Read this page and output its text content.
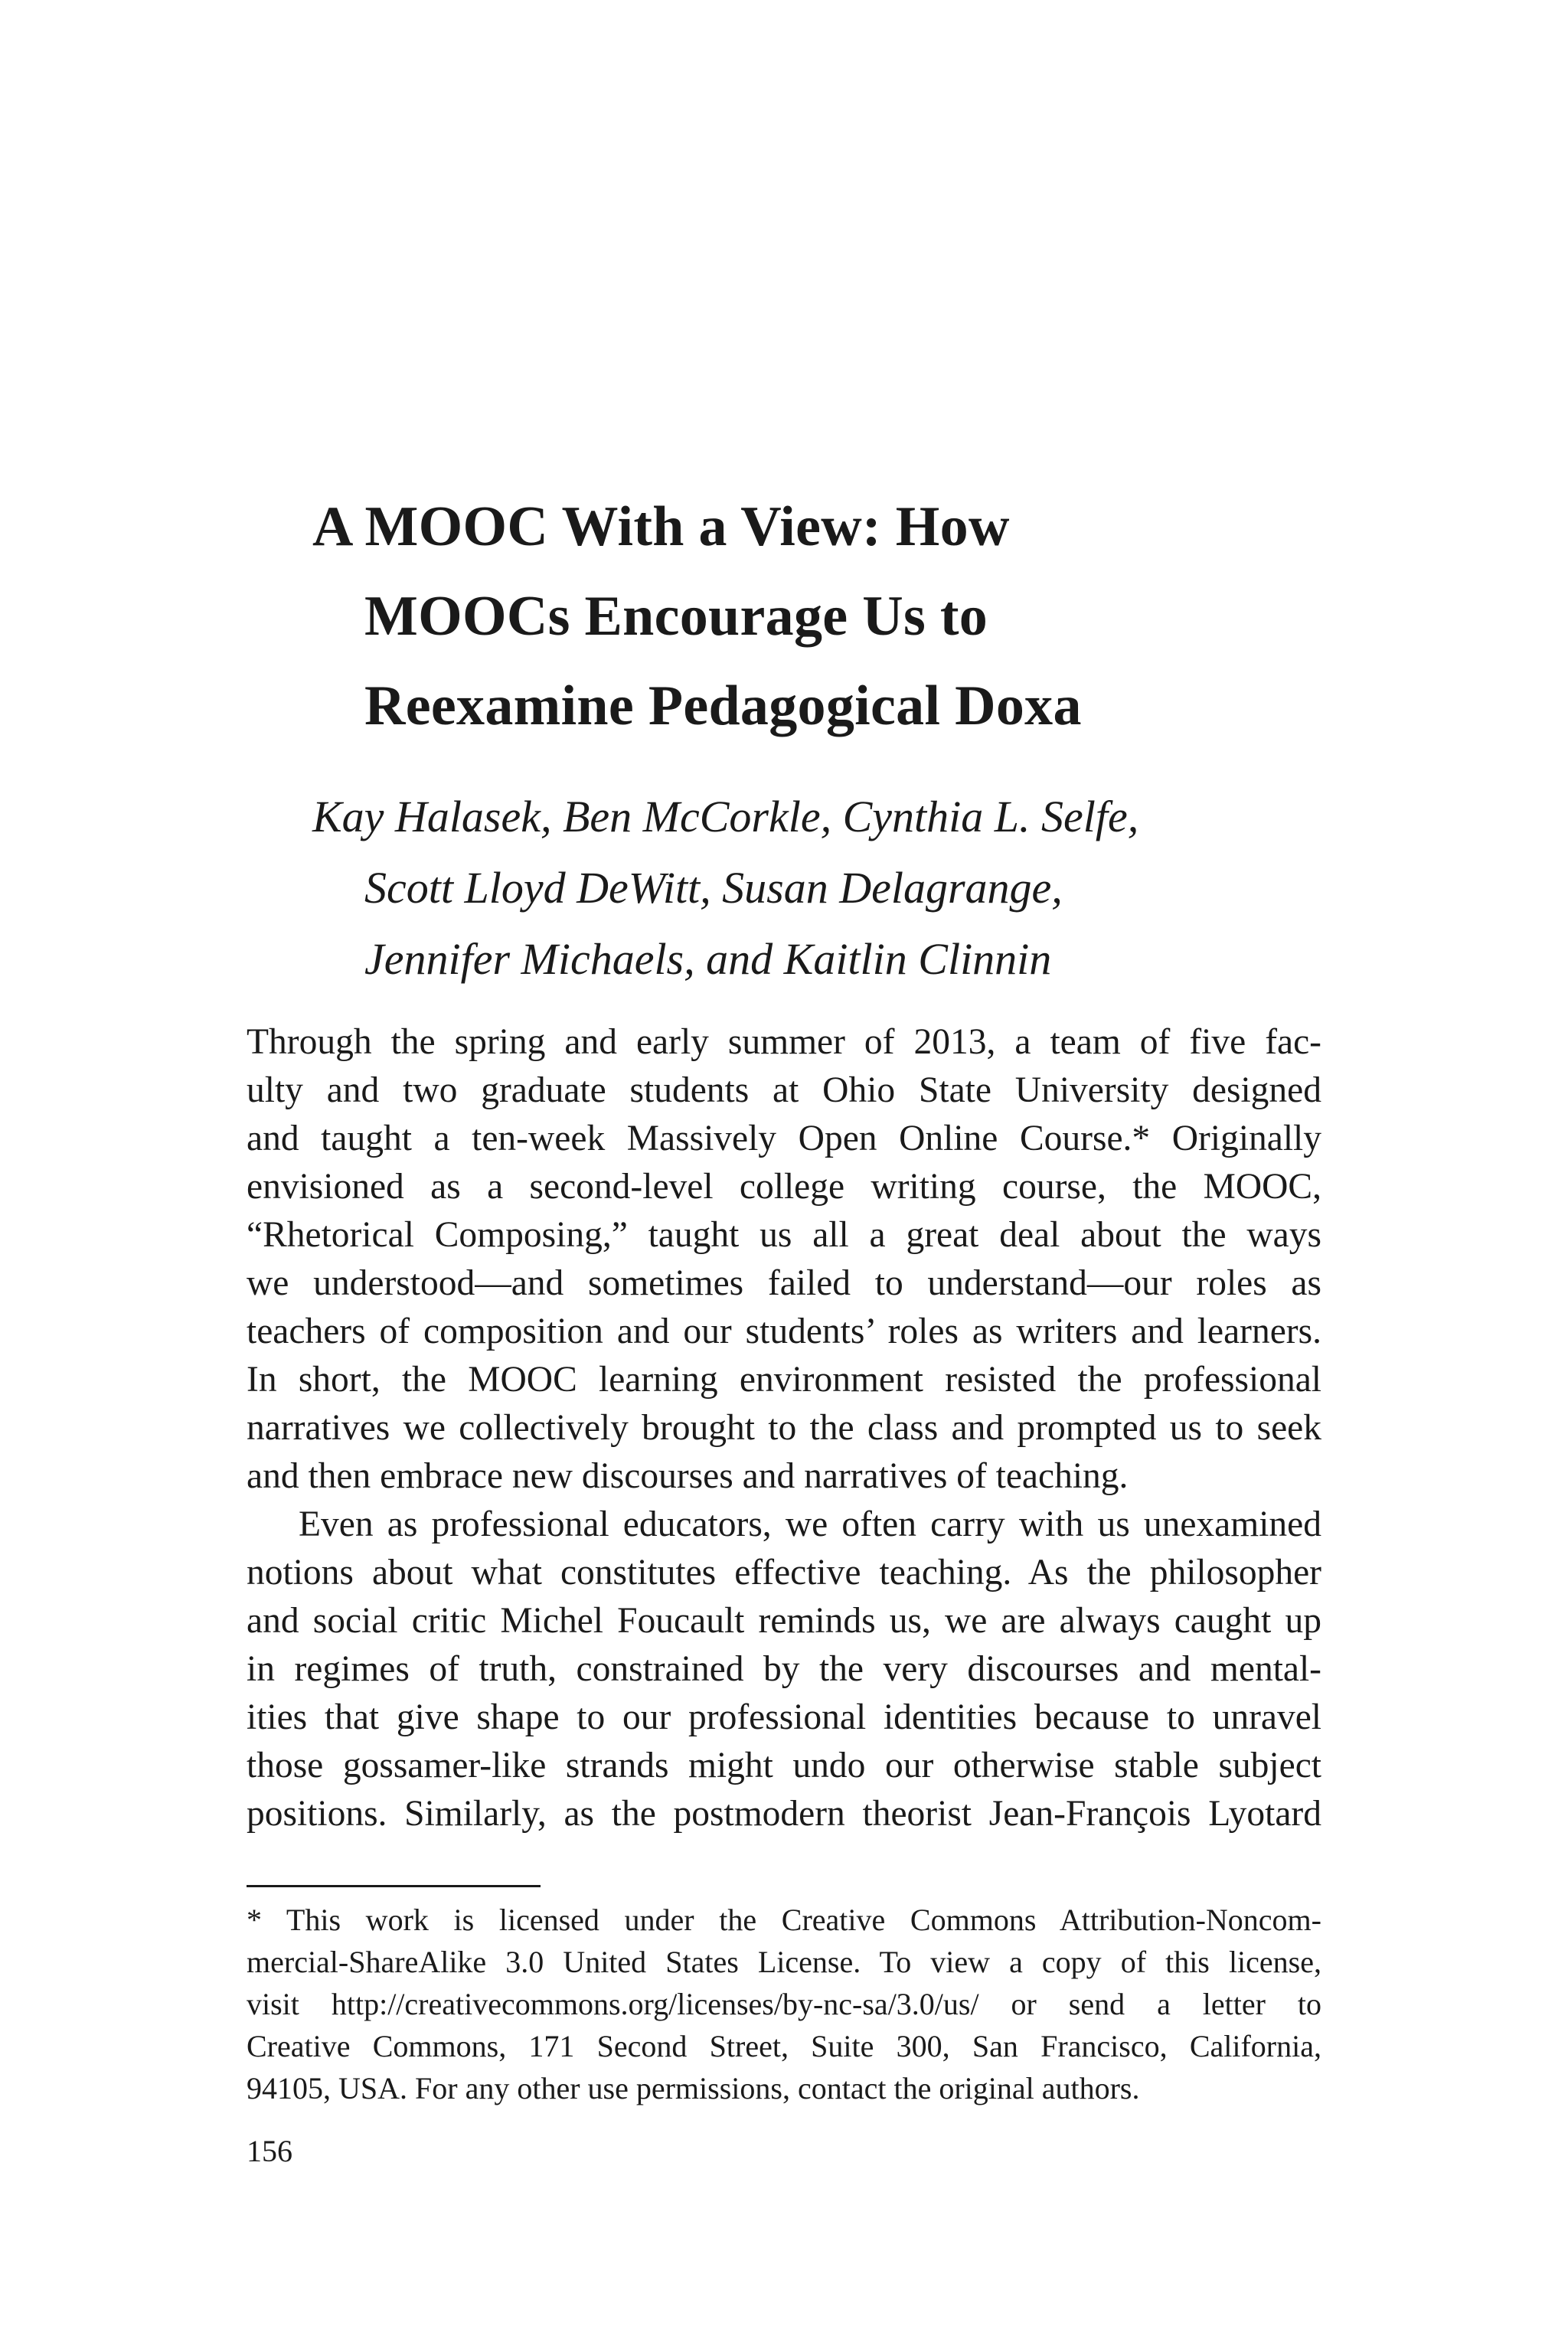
A MOOC With a View: How
MOOCs Encourage Us to
Reexamine Pedagogical Doxa

Kay Halasek, Ben McCorkle, Cynthia L. Selfe,
Scott Lloyd DeWitt, Susan Delagrange,
Jennifer Michaels, and Kaitlin Clinnin

Through the spring and early summer of 2013, a team of five fac-
ulty and two graduate students at Ohio State University designed
and taught a ten-week Massively Open Online Course.* Originally
envisioned as a second-level college writing course, the MOOC,
“Rhetorical Composing,” taught us all a great deal about the ways
we understood—and sometimes failed to understand—our roles as
teachers of composition and our students’ roles as writers and learners.
In short, the MOOC learning environment resisted the professional
narratives we collectively brought to the class and prompted us to seek
and then embrace new discourses and narratives of teaching.
Even as professional educators, we often carry with us unexamined
notions about what constitutes effective teaching. As the philosopher
and social critic Michel Foucault reminds us, we are always caught up
in regimes of truth, constrained by the very discourses and mental-
ities that give shape to our professional identities because to unravel
those gossamer-like strands might undo our otherwise stable subject
positions. Similarly, as the postmodern theorist Jean-François Lyotard
* This work is licensed under the Creative Commons Attribution-Noncom-
mercial-ShareAlike 3.0 United States License. To view a copy of this license,
visit http://creativecommons.org/licenses/by-nc-sa/3.0/us/ or send a letter to
Creative Commons, 171 Second Street, Suite 300, San Francisco, California,
94105, USA. For any other use permissions, contact the original authors.
156
